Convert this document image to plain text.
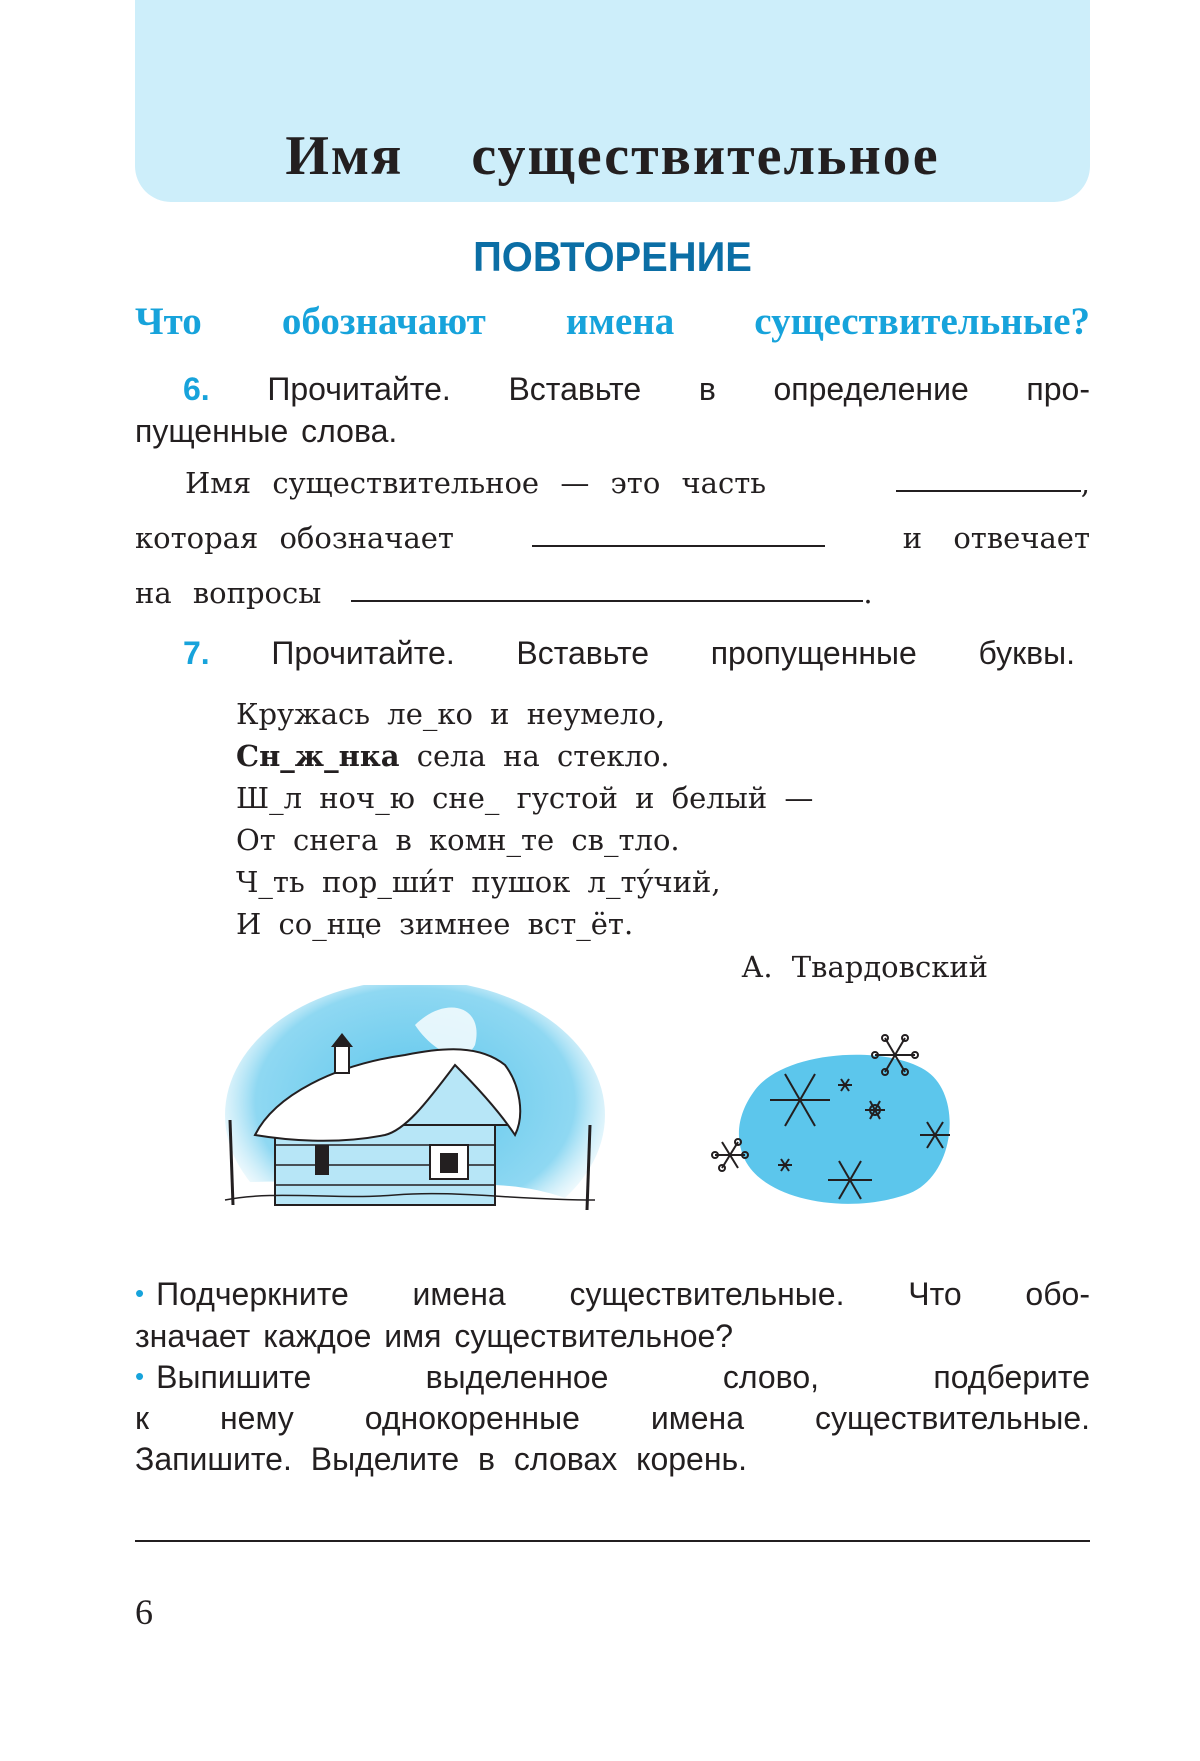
Имя  существительное
ПОВТОРЕНИЕ
Что обозначают имена существительные?
6. Прочитайте. Вставьте в определение про-
пущенные слова.
Имя существительное — это часть	,
которая обозначает	и отвечает
на вопросы	.
7. Прочитайте. Вставьте пропущенные буквы.
Кружась ле_ко и неумело,
Сн_ж_нка села на стекло.
Ш_л ноч_ю сне_ густой и белый —
От снега в комн_те св_тло.
Ч_ть пор_ши́т пушок л_ту́чий,
И со_нце зимнее вст_ёт.
А. Твардовский
• Подчеркните имена существительные. Что обо-
значает каждое имя существительное?
• Выпишите выделенное слово, подберите
к нему однокоренные имена существительные.
Запишите. Выделите в словах корень.
6
